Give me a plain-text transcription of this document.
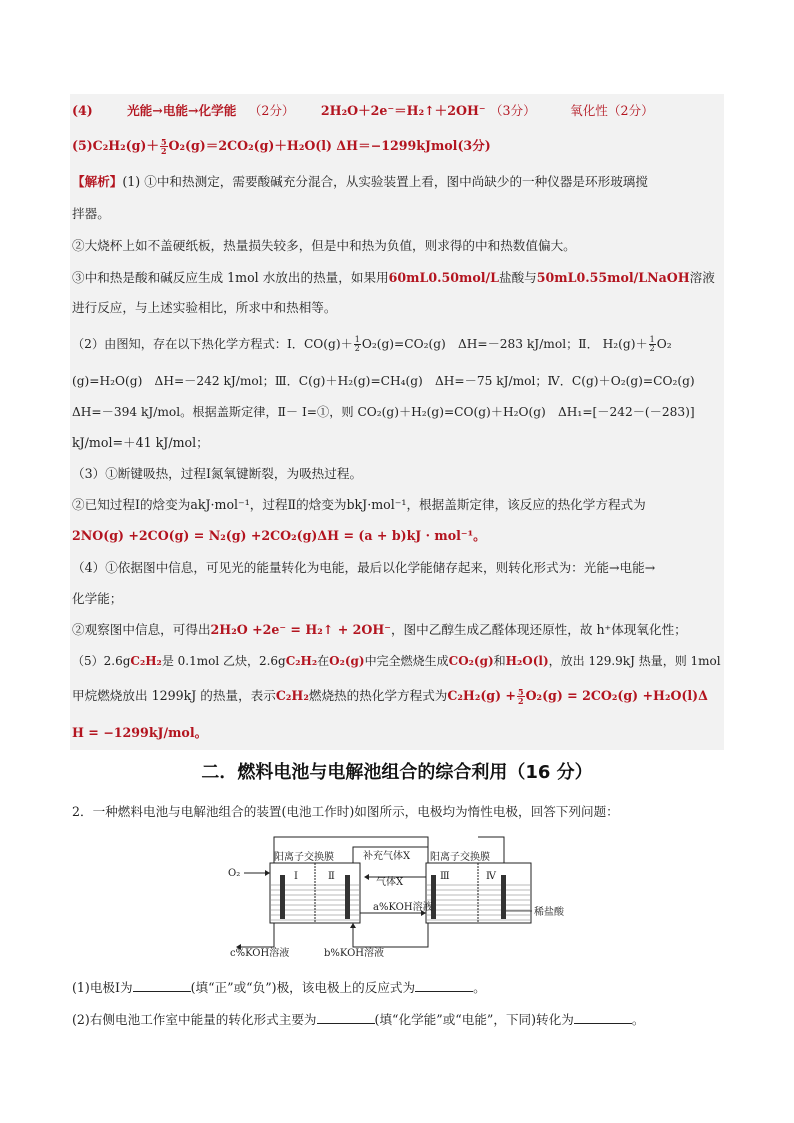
(4)	光能→电能→化学能 （2分） 2H₂O＋2e⁻＝H₂↑＋2OH⁻ （3分）	氧化性（2分）
$(5)C_2H_2(g)+ \frac{5}{2} O_2(g)=2CO_2(g)+H_2O(l)$ ΔH＝−1299kJmol(3分)
【解析】(1) ①中和热测定，需要酸碱充分混合，从实验装置上看，图中尚缺少的一种仪器是环形玻璃搅
拌器。
②大烧杯上如不盖硬纸板，热量损失较多，但是中和热为负值，则求得的中和热数值偏大。
③中和热是酸和碱反应生成 1mol 水放出的热量，如果用60mL0.50mol/L盐酸与50mL0.55mol/LNaOH溶液
进行反应，与上述实验相比，所求中和热相等。
（2）由图知，存在以下热化学方程式：Ⅰ．$CO(g)+ \frac{1}{2} O_2(g)=CO_2(g)$　ΔH=－283 kJ/mol；Ⅱ． $H_2(g)+ \frac{1}{2} O_2$
(g)=H₂O(g)　ΔH=－242 kJ/mol；Ⅲ．C(g)＋H₂(g)=CH₄(g)　ΔH=－75 kJ/mol；Ⅳ．C(g)＋O₂(g)=CO₂(g)
ΔH=－394 kJ/mol。根据盖斯定律，Ⅱ－ Ⅰ=①，则 CO₂(g)＋H₂(g)=CO(g)＋H₂O(g)　ΔH₁=[－242－(－283)]
kJ/mol=＋41 kJ/mol；
（3）①断键吸热，过程Ⅰ氮氧键断裂，为吸热过程。
②已知过程Ⅰ的焓变为akJ·mol⁻¹，过程Ⅱ的焓变为bkJ·mol⁻¹，根据盖斯定律，该反应的热化学方程式为
2NO(g) +2CO(g) = N₂(g) +2CO₂(g)ΔH = (a + b)kJ · mol⁻¹。
（4）①依据图中信息，可见光的能量转化为电能，最后以化学能储存起来，则转化形式为：光能→电能→
化学能；
②观察图中信息，可得出2H₂O +2e⁻ = H₂↑ + 2OH⁻，图中乙醇生成乙醛体现还原性，故 h⁺体现氧化性；
（5）2.6gC₂H₂是 0.1mol 乙炔，2.6gC₂H₂在O₂(g)中完全燃烧生成CO₂(g)和H₂O(l)，放出 129.9kJ 热量，则 1mol
甲烷燃烧放出 1299kJ 的热量，表示C₂H₂燃烧热的热化学方程式为$C_2H_2(g) + \frac{5}{2} O_2(g) = 2CO_2(g) +H_2O(l)\Delta$
H = −1299kJ/mol。
二．燃料电池与电解池组合的综合利用（16 分）
2．一种燃料电池与电解池组合的装置(电池工作时)如图所示，电极均为惰性电极，回答下列问题：
O₂
阳离子交换膜	阳离子交换膜
补充气体X
气体X
Ⅰ	Ⅱ	Ⅲ	Ⅳ
a%KOH溶液
b%KOH溶液
c%KOH溶液
稀盐酸
(1)电极Ⅰ为	(填“正”或“负”)极，该电极上的反应式为	。
(2)右侧电池工作室中能量的转化形式主要为	(填“化学能”或“电能”，下同)转化为	。
